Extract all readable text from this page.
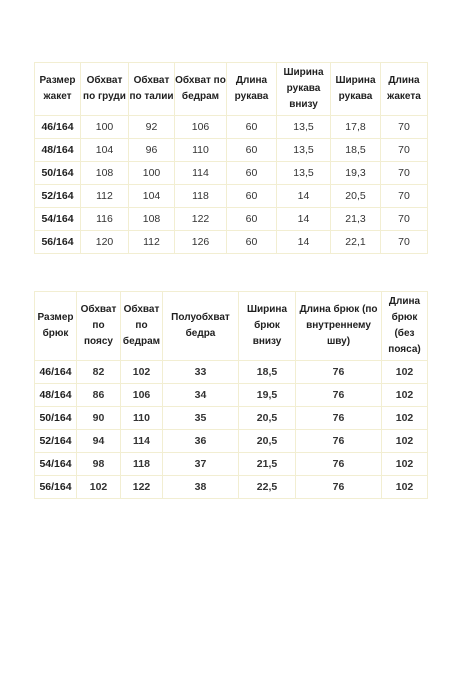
Размер жакет	Обхват по груди	Обхват по талии	Обхват по бедрам	Длина рукава	Ширина рукава внизу	Ширина рукава	Длина жакета
46/164	100	92	106	60	13,5	17,8	70
48/164	104	96	110	60	13,5	18,5	70
50/164	108	100	114	60	13,5	19,3	70
52/164	112	104	118	60	14	20,5	70
54/164	116	108	122	60	14	21,3	70
56/164	120	112	126	60	14	22,1	70
Размер брюк	Обхват по поясу	Обхват по бедрам	Полуобхват бедра	Ширина брюк внизу	Длина брюк (по внутреннему шву)	Длина брюк (без пояса)
46/164	82	102	33	18,5	76	102
48/164	86	106	34	19,5	76	102
50/164	90	110	35	20,5	76	102
52/164	94	114	36	20,5	76	102
54/164	98	118	37	21,5	76	102
56/164	102	122	38	22,5	76	102
